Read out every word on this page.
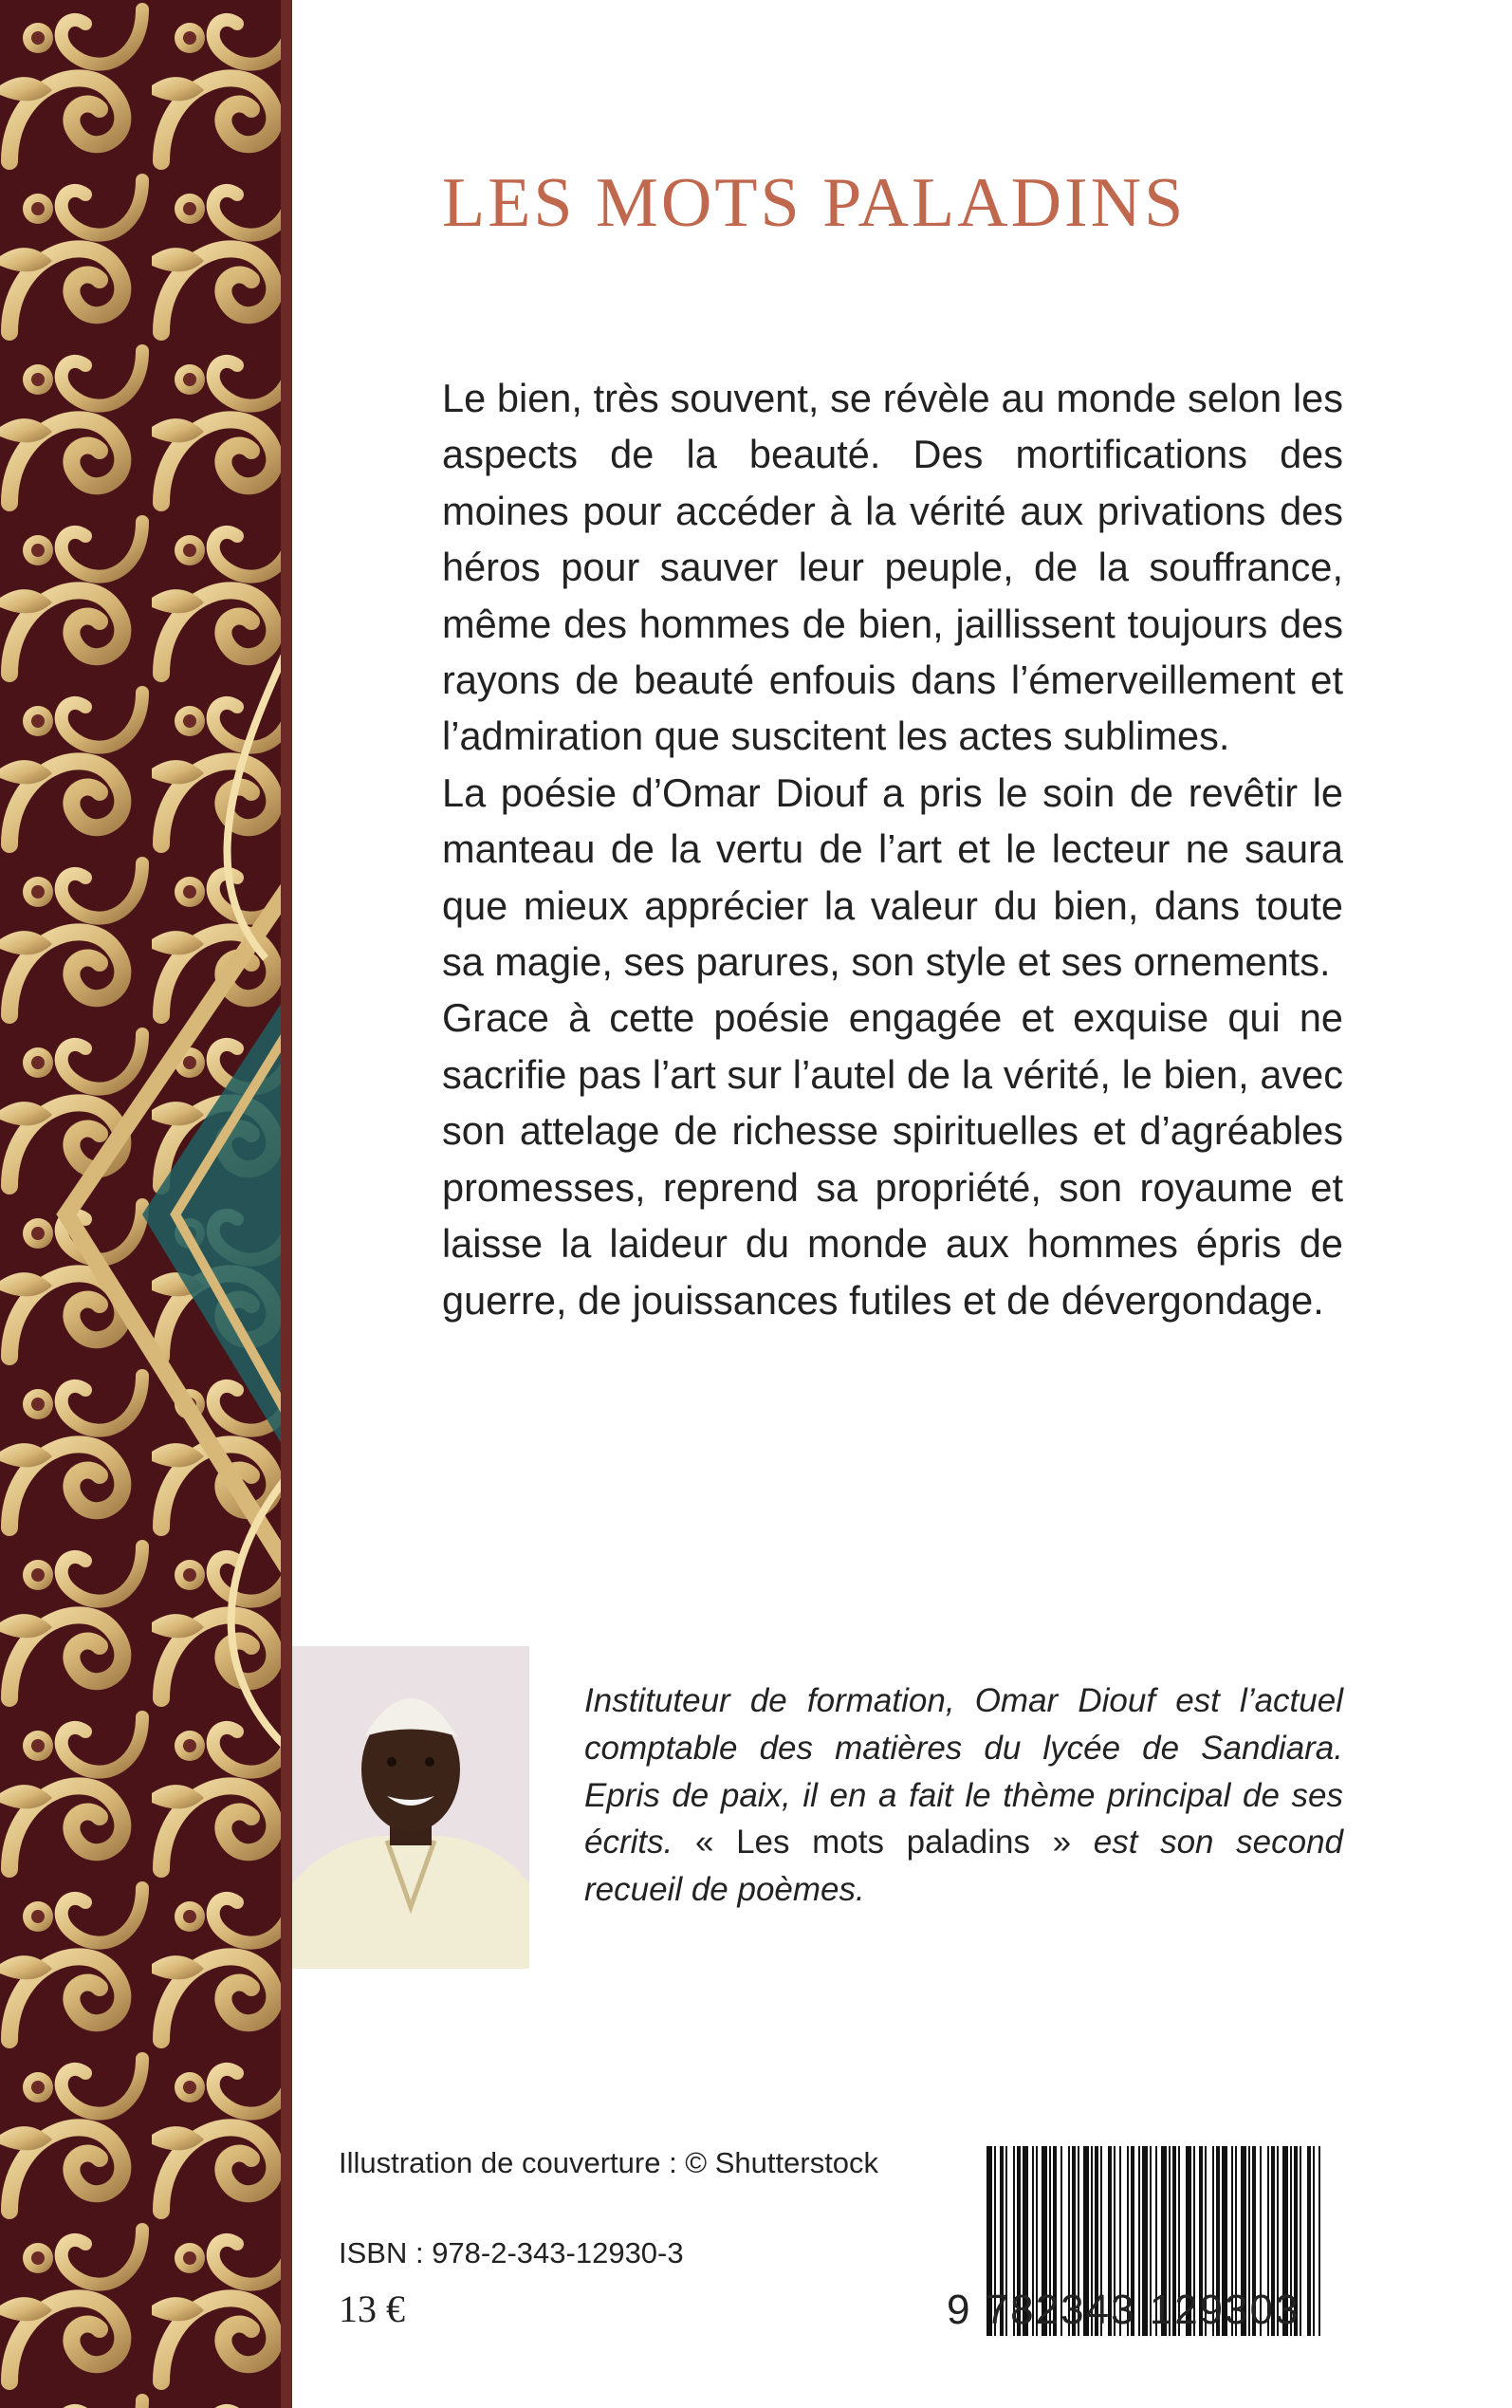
LES MOTS PALADINS

Le bien, très souvent, se révèle au monde selon les aspects de la beauté. Des mortifications des moines pour accéder à la vérité aux privations des héros pour sauver leur peuple, de la souffrance, même des hommes de bien, jaillissent toujours des rayons de beauté enfouis dans l’émerveillement et l’admiration que suscitent les actes sublimes.

La poésie d’Omar Diouf a pris le soin de revêtir le manteau de la vertu de l’art et le lecteur ne saura que mieux apprécier la valeur du bien, dans toute sa magie, ses parures, son style et ses ornements.

Grace à cette poésie engagée et exquise qui ne sacrifie pas l’art sur l’autel de la vérité, le bien, avec son attelage de richesse spirituelles et d’agréables promesses, reprend sa propriété, son royaume et laisse la laideur du monde aux hommes épris de guerre, de jouissances futiles et de dévergondage.

Instituteur de formation, Omar Diouf est l’actuel comptable des matières du lycée de Sandiara. Epris de paix, il en a fait le thème principal de ses écrits. « Les mots paladins » est son second recueil de poèmes.

Illustration de couverture : © Shutterstock

ISBN : 978-2-343-12930-3

13 €	9 782343 129303
